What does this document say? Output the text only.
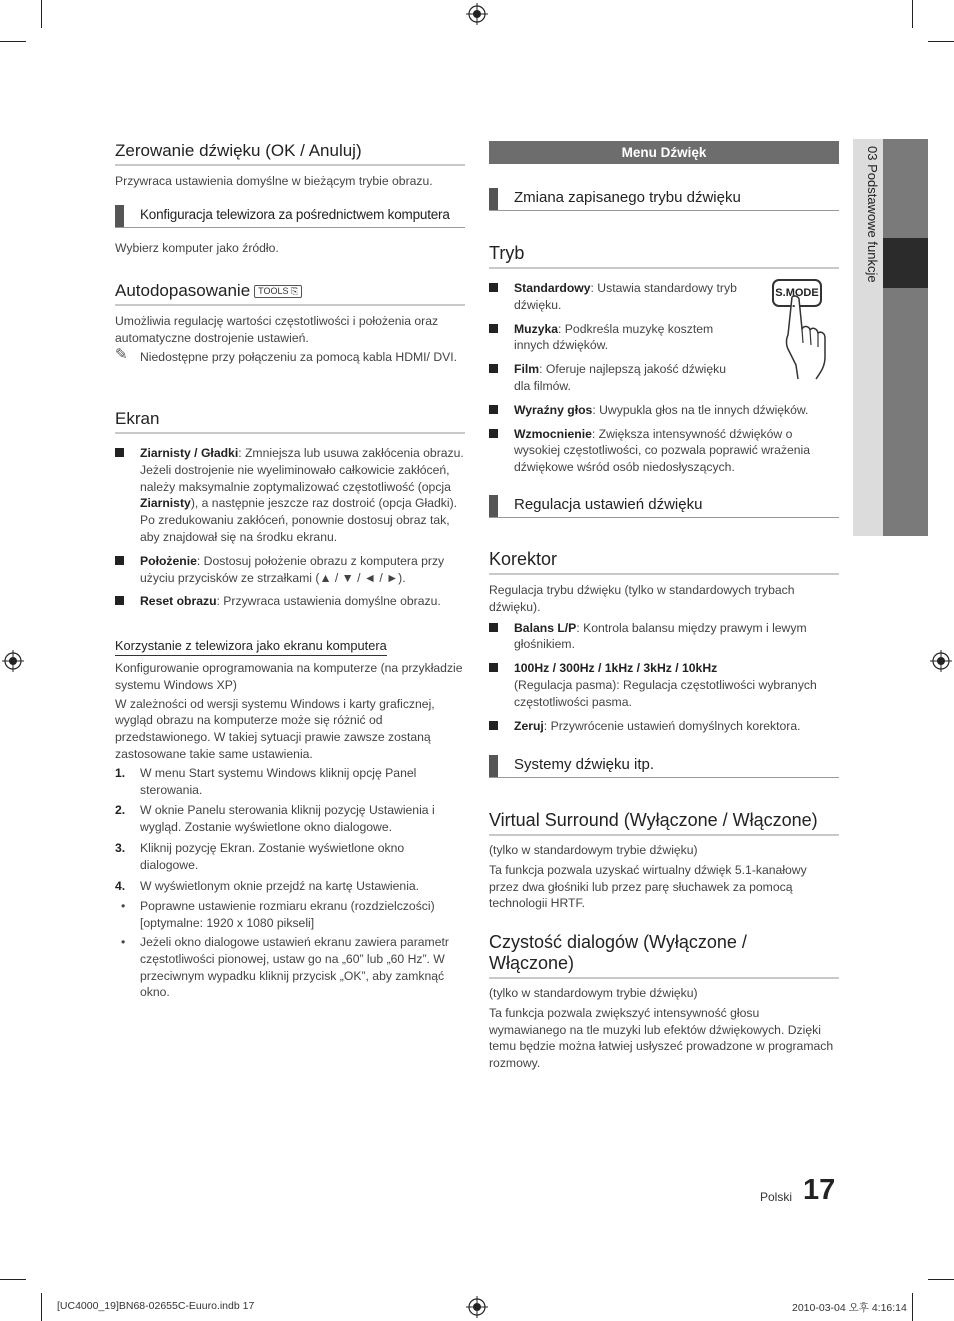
03 Podstawowe funkcje
Zerowanie dźwięku (OK / Anuluj)
Przywraca ustawienia domyślne w bieżącym trybie obrazu.
Konfiguracja telewizora za pośrednictwem komputera
Wybierz komputer jako źródło.
Autodopasowanie TOOLS ⎘
Umożliwia regulację wartości częstotliwości i położenia oraz automatyczne dostrojenie ustawień.
✎ Niedostępne przy połączeniu za pomocą kabla HDMI/ DVI.
Ekran
Ziarnisty / Gładki: Zmniejsza lub usuwa zakłócenia obrazu. Jeżeli dostrojenie nie wyeliminowało całkowicie zakłóceń, należy maksymalnie zoptymalizować częstotliwość (opcja Ziarnisty), a następnie jeszcze raz dostroić (opcja Gładki). Po zredukowaniu zakłóceń, ponownie dostosuj obraz tak, aby znajdował się na środku ekranu.
Położenie: Dostosuj położenie obrazu z komputera przy użyciu przycisków ze strzałkami (▲ / ▼ / ◄ / ►).
Reset obrazu: Przywraca ustawienia domyślne obrazu.
Korzystanie z telewizora jako ekranu komputera
Konfigurowanie oprogramowania na komputerze (na przykładzie systemu Windows XP)
W zależności od wersji systemu Windows i karty graficznej, wygląd obrazu na komputerze może się różnić od przedstawionego. W takiej sytuacji prawie zawsze zostaną zastosowane takie same ustawienia.
1. W menu Start systemu Windows kliknij opcję Panel sterowania.
2. W oknie Panelu sterowania kliknij pozycję Ustawienia i wygląd. Zostanie wyświetlone okno dialogowe.
3. Kliknij pozycję Ekran. Zostanie wyświetlone okno dialogowe.
4. W wyświetlonym oknie przejdź na kartę Ustawienia.
• Poprawne ustawienie rozmiaru ekranu (rozdzielczości) [optymalne: 1920 x 1080 pikseli]
• Jeżeli okno dialogowe ustawień ekranu zawiera parametr częstotliwości pionowej, ustaw go na „60” lub „60 Hz”. W przeciwnym wypadku kliknij przycisk „OK”, aby zamknąć okno.
Menu Dźwięk
Zmiana zapisanego trybu dźwięku
Tryb
Standardowy: Ustawia standardowy tryb dźwięku.
Muzyka: Podkreśla muzykę kosztem innych dźwięków.
Film: Oferuje najlepszą jakość dźwięku dla filmów.
Wyraźny głos: Uwypukla głos na tle innych dźwięków.
Wzmocnienie: Zwiększa intensywność dźwięków o wysokiej częstotliwości, co pozwala poprawić wrażenia dźwiękowe wśród osób niedosłyszących.
S.MODE
Regulacja ustawień dźwięku
Korektor
Regulacja trybu dźwięku (tylko w standardowych trybach dźwięku).
Balans L/P: Kontrola balansu między prawym i lewym głośnikiem.
100Hz / 300Hz / 1kHz / 3kHz / 10kHz
(Regulacja pasma): Regulacja częstotliwości wybranych częstotliwości pasma.
Zeruj: Przywrócenie ustawień domyślnych korektora.
Systemy dźwięku itp.
Virtual Surround (Wyłączone / Włączone)
(tylko w standardowym trybie dźwięku)
Ta funkcja pozwala uzyskać wirtualny dźwięk 5.1-kanałowy przez dwa głośniki lub przez parę słuchawek za pomocą technologii HRTF.
Czystość dialogów (Wyłączone / Włączone)
(tylko w standardowym trybie dźwięku)
Ta funkcja pozwala zwiększyć intensywność głosu wymawianego na tle muzyki lub efektów dźwiękowych. Dzięki temu będzie można łatwiej usłyszeć prowadzone w programach rozmowy.
Polski 17
[UC4000_19]BN68-02655C-Euuro.indb 17	2010-03-04 오후 4:16:14
